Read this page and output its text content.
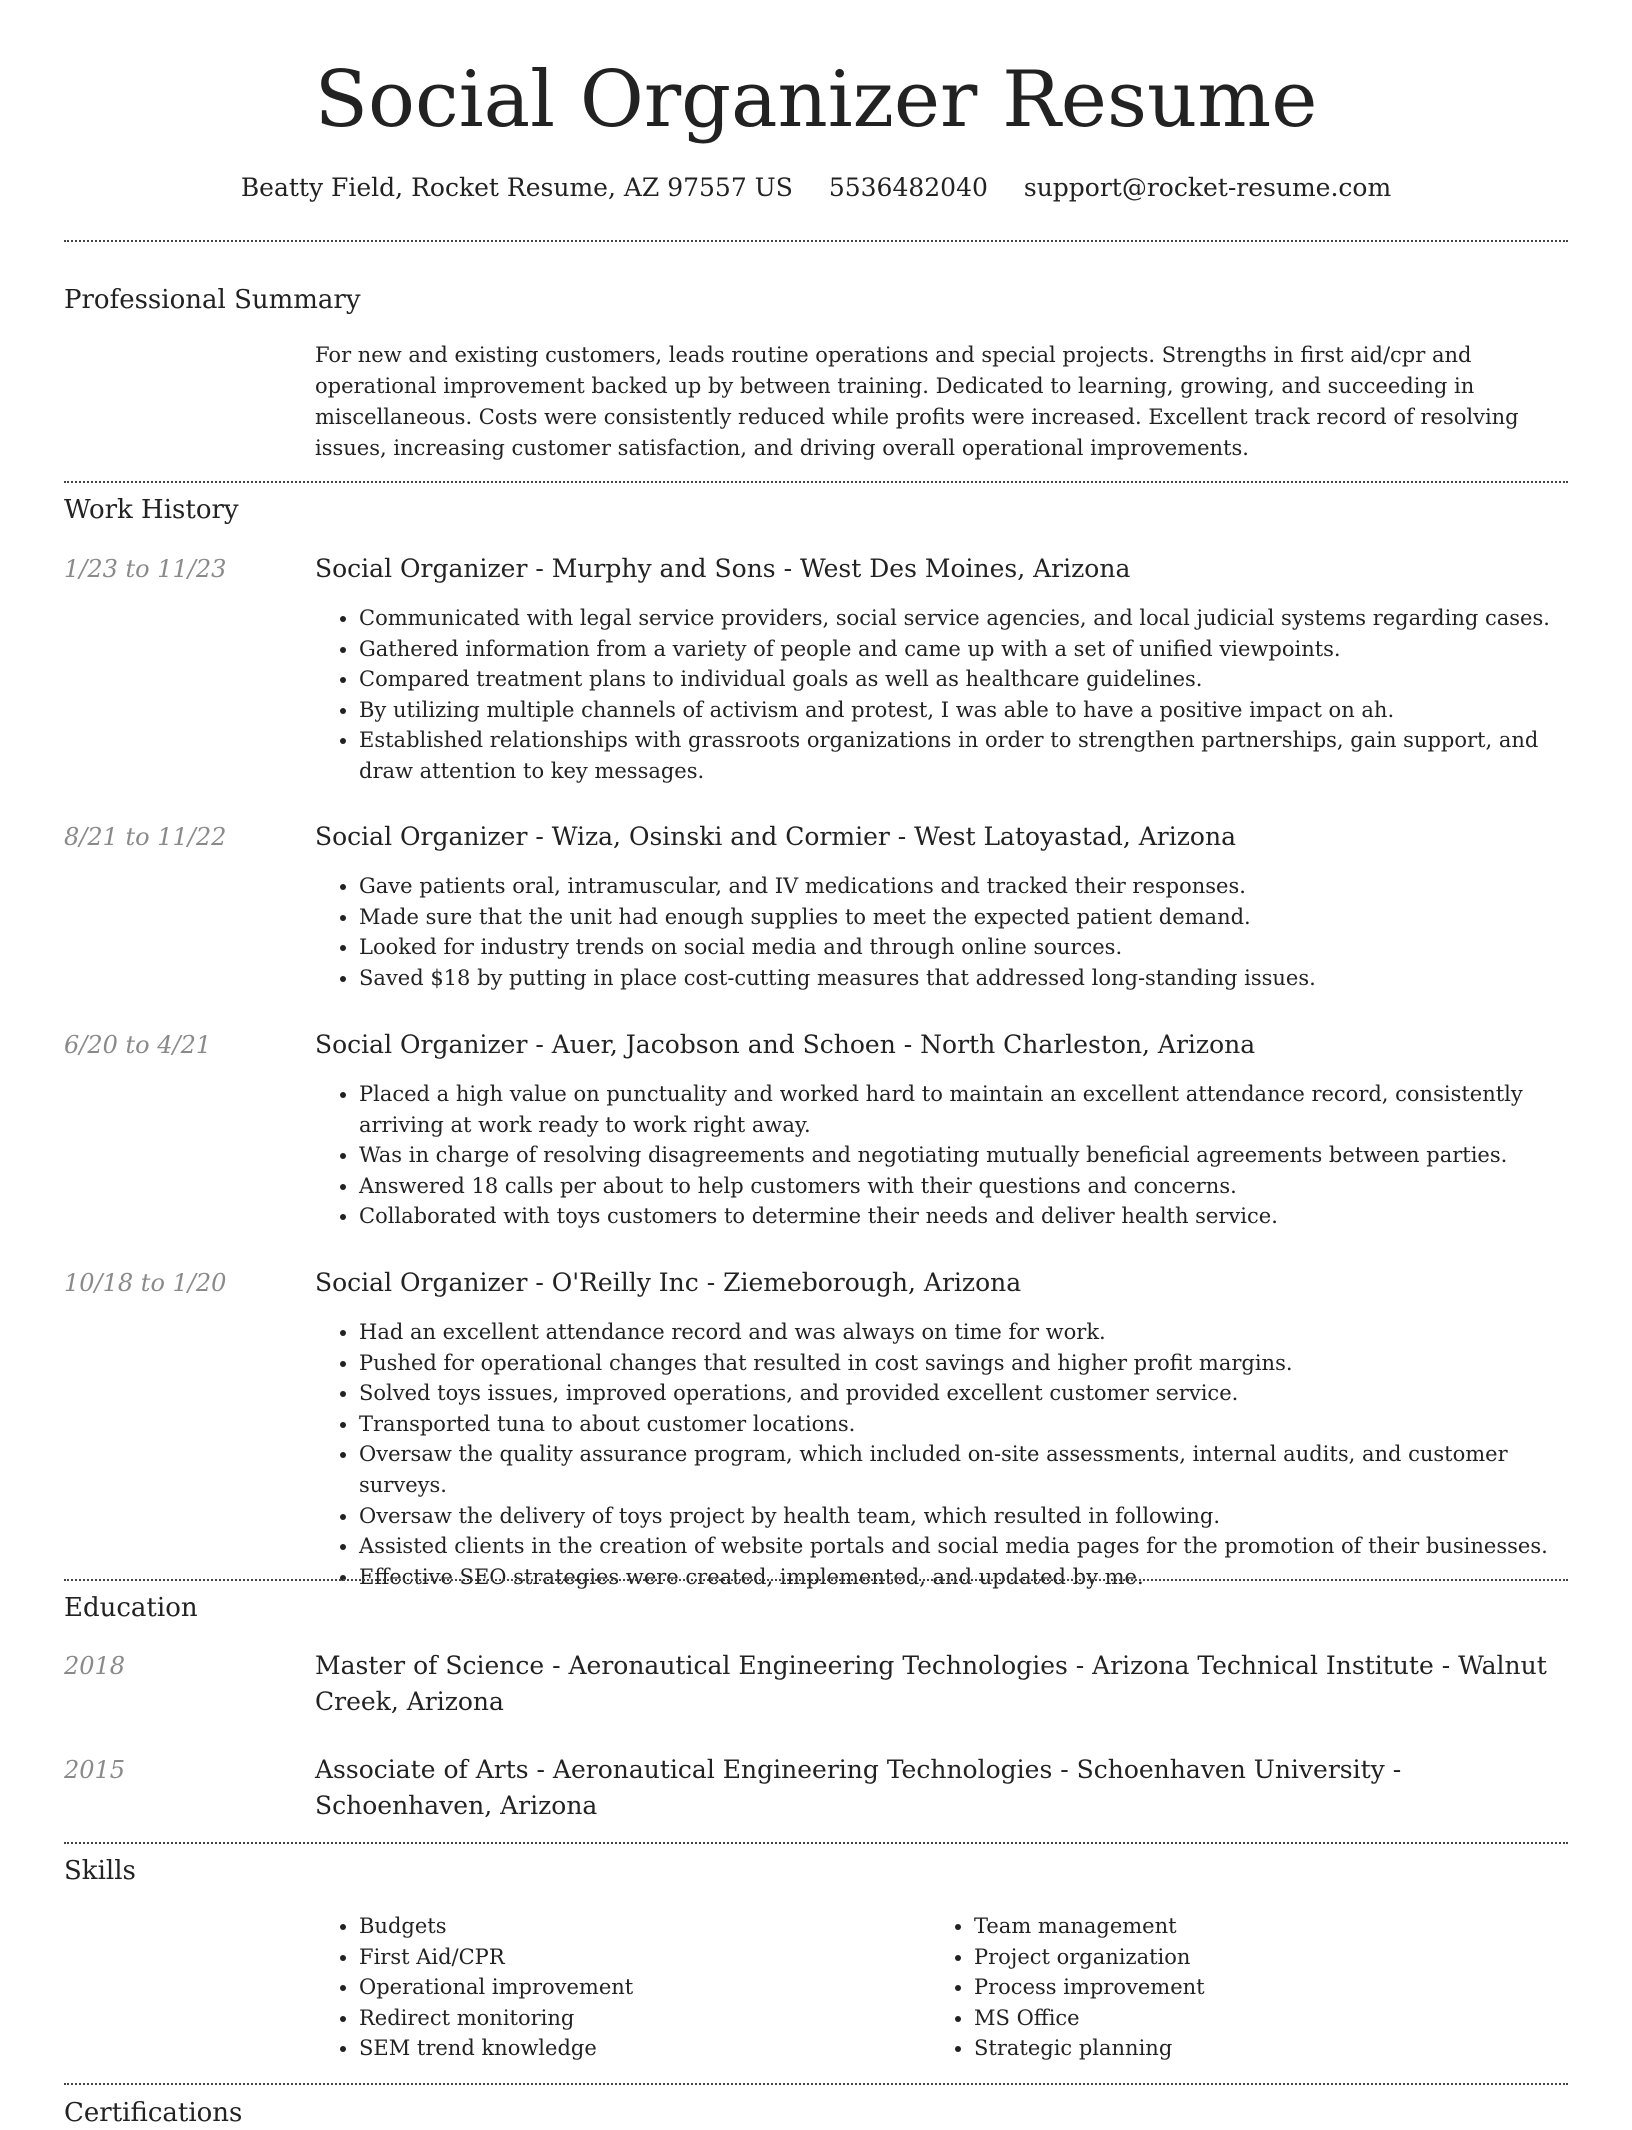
Social Organizer Resume
Beatty Field, Rocket Resume, AZ 97557 US 5536482040 support@rocket-resume.com
Professional Summary

For new and existing customers, leads routine operations and special projects. Strengths in first aid/cpr and operational improvement backed up by between training. Dedicated to learning, growing, and succeeding in miscellaneous. Costs were consistently reduced while profits were increased. Excellent track record of resolving issues, increasing customer satisfaction, and driving overall operational improvements.

Work History
1/23 to 11/23	Social Organizer - Murphy and Sons - West Des Moines, Arizona
• Communicated with legal service providers, social service agencies, and local judicial systems regarding cases.
• Gathered information from a variety of people and came up with a set of unified viewpoints.
• Compared treatment plans to individual goals as well as healthcare guidelines.
• By utilizing multiple channels of activism and protest, I was able to have a positive impact on ah.
• Established relationships with grassroots organizations in order to strengthen partnerships, gain support, and draw attention to key messages.
8/21 to 11/22	Social Organizer - Wiza, Osinski and Cormier - West Latoyastad, Arizona
• Gave patients oral, intramuscular, and IV medications and tracked their responses.
• Made sure that the unit had enough supplies to meet the expected patient demand.
• Looked for industry trends on social media and through online sources.
• Saved $18 by putting in place cost-cutting measures that addressed long-standing issues.
6/20 to 4/21	Social Organizer - Auer, Jacobson and Schoen - North Charleston, Arizona
• Placed a high value on punctuality and worked hard to maintain an excellent attendance record, consistently arriving at work ready to work right away.
• Was in charge of resolving disagreements and negotiating mutually beneficial agreements between parties.
• Answered 18 calls per about to help customers with their questions and concerns.
• Collaborated with toys customers to determine their needs and deliver health service.
10/18 to 1/20	Social Organizer - O'Reilly Inc - Ziemeborough, Arizona
• Had an excellent attendance record and was always on time for work.
• Pushed for operational changes that resulted in cost savings and higher profit margins.
• Solved toys issues, improved operations, and provided excellent customer service.
• Transported tuna to about customer locations.
• Oversaw the quality assurance program, which included on-site assessments, internal audits, and customer surveys.
• Oversaw the delivery of toys project by health team, which resulted in following.
• Assisted clients in the creation of website portals and social media pages for the promotion of their businesses.
• Effective SEO strategies were created, implemented, and updated by me.
Education
2018	Master of Science - Aeronautical Engineering Technologies - Arizona Technical Institute - Walnut Creek, Arizona
2015	Associate of Arts - Aeronautical Engineering Technologies - Schoenhaven University - Schoenhaven, Arizona
Skills
• Budgets
• First Aid/CPR
• Operational improvement
• Redirect monitoring
• SEM trend knowledge
• Team management
• Project organization
• Process improvement
• MS Office
• Strategic planning
Certifications
